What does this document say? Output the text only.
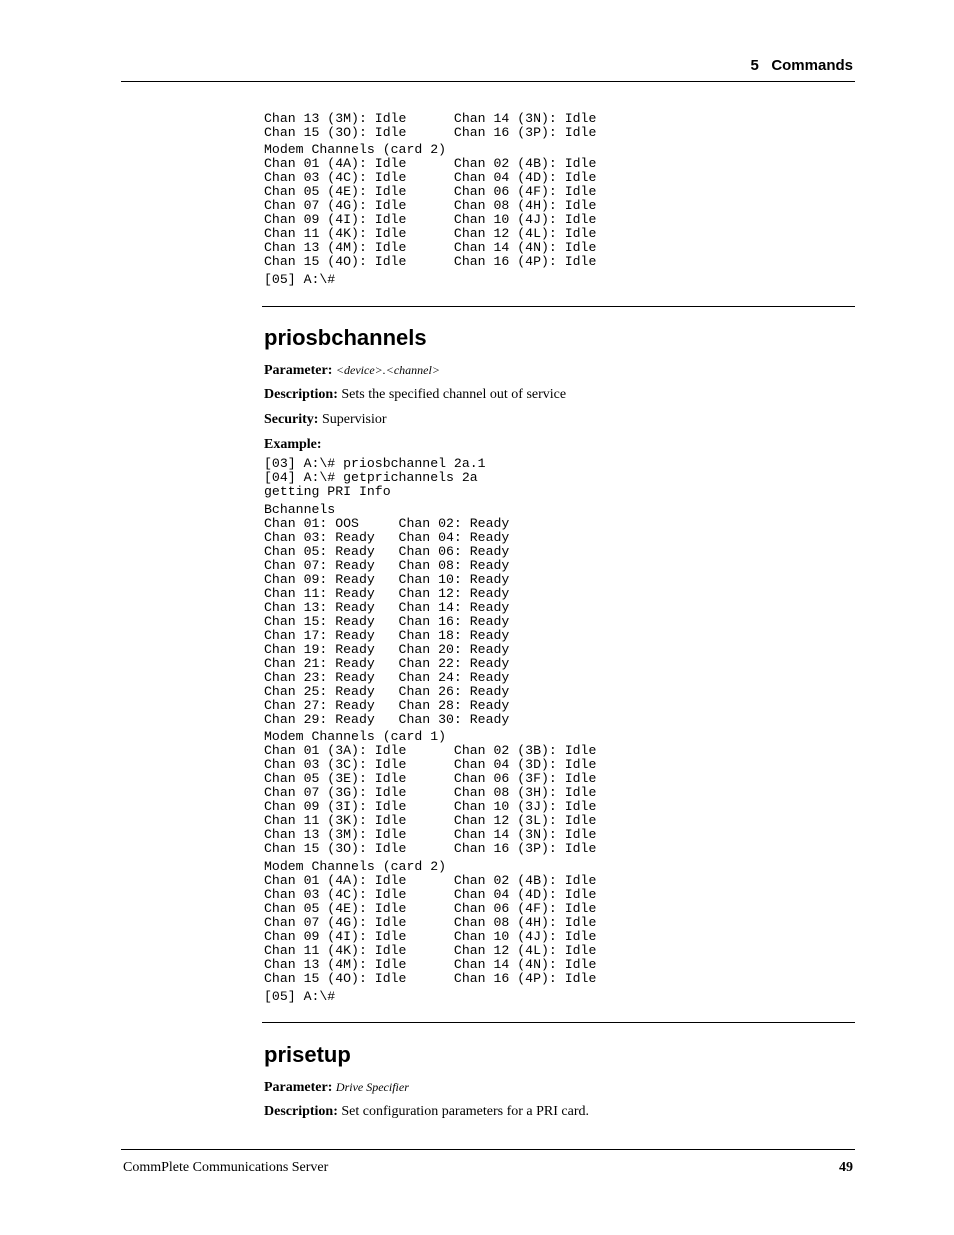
5 Commands
Chan 13 (3M): Idle      Chan 14 (3N): Idle
Chan 15 (3O): Idle      Chan 16 (3P): Idle
Modem Channels (card 2)
Chan 01 (4A): Idle      Chan 02 (4B): Idle
Chan 03 (4C): Idle      Chan 04 (4D): Idle
Chan 05 (4E): Idle      Chan 06 (4F): Idle
Chan 07 (4G): Idle      Chan 08 (4H): Idle
Chan 09 (4I): Idle      Chan 10 (4J): Idle
Chan 11 (4K): Idle      Chan 12 (4L): Idle
Chan 13 (4M): Idle      Chan 14 (4N): Idle
Chan 15 (4O): Idle      Chan 16 (4P): Idle
[05] A:\#
priosbchannels

Parameter: <device>.<channel>

Description: Sets the specified channel out of service

Security: Supervisior

Example:

[03] A:\# priosbchannel 2a.1
[04] A:\# getprichannels 2a
getting PRI Info
Bchannels
Chan 01: OOS     Chan 02: Ready
Chan 03: Ready   Chan 04: Ready
Chan 05: Ready   Chan 06: Ready
Chan 07: Ready   Chan 08: Ready
Chan 09: Ready   Chan 10: Ready
Chan 11: Ready   Chan 12: Ready
Chan 13: Ready   Chan 14: Ready
Chan 15: Ready   Chan 16: Ready
Chan 17: Ready   Chan 18: Ready
Chan 19: Ready   Chan 20: Ready
Chan 21: Ready   Chan 22: Ready
Chan 23: Ready   Chan 24: Ready
Chan 25: Ready   Chan 26: Ready
Chan 27: Ready   Chan 28: Ready
Chan 29: Ready   Chan 30: Ready
Modem Channels (card 1)
Chan 01 (3A): Idle      Chan 02 (3B): Idle
Chan 03 (3C): Idle      Chan 04 (3D): Idle
Chan 05 (3E): Idle      Chan 06 (3F): Idle
Chan 07 (3G): Idle      Chan 08 (3H): Idle
Chan 09 (3I): Idle      Chan 10 (3J): Idle
Chan 11 (3K): Idle      Chan 12 (3L): Idle
Chan 13 (3M): Idle      Chan 14 (3N): Idle
Chan 15 (3O): Idle      Chan 16 (3P): Idle
Modem Channels (card 2)
Chan 01 (4A): Idle      Chan 02 (4B): Idle
Chan 03 (4C): Idle      Chan 04 (4D): Idle
Chan 05 (4E): Idle      Chan 06 (4F): Idle
Chan 07 (4G): Idle      Chan 08 (4H): Idle
Chan 09 (4I): Idle      Chan 10 (4J): Idle
Chan 11 (4K): Idle      Chan 12 (4L): Idle
Chan 13 (4M): Idle      Chan 14 (4N): Idle
Chan 15 (4O): Idle      Chan 16 (4P): Idle
[05] A:\#
prisetup

Parameter: Drive Specifier

Description: Set configuration parameters for a PRI card.

CommPlete Communications Server	49
